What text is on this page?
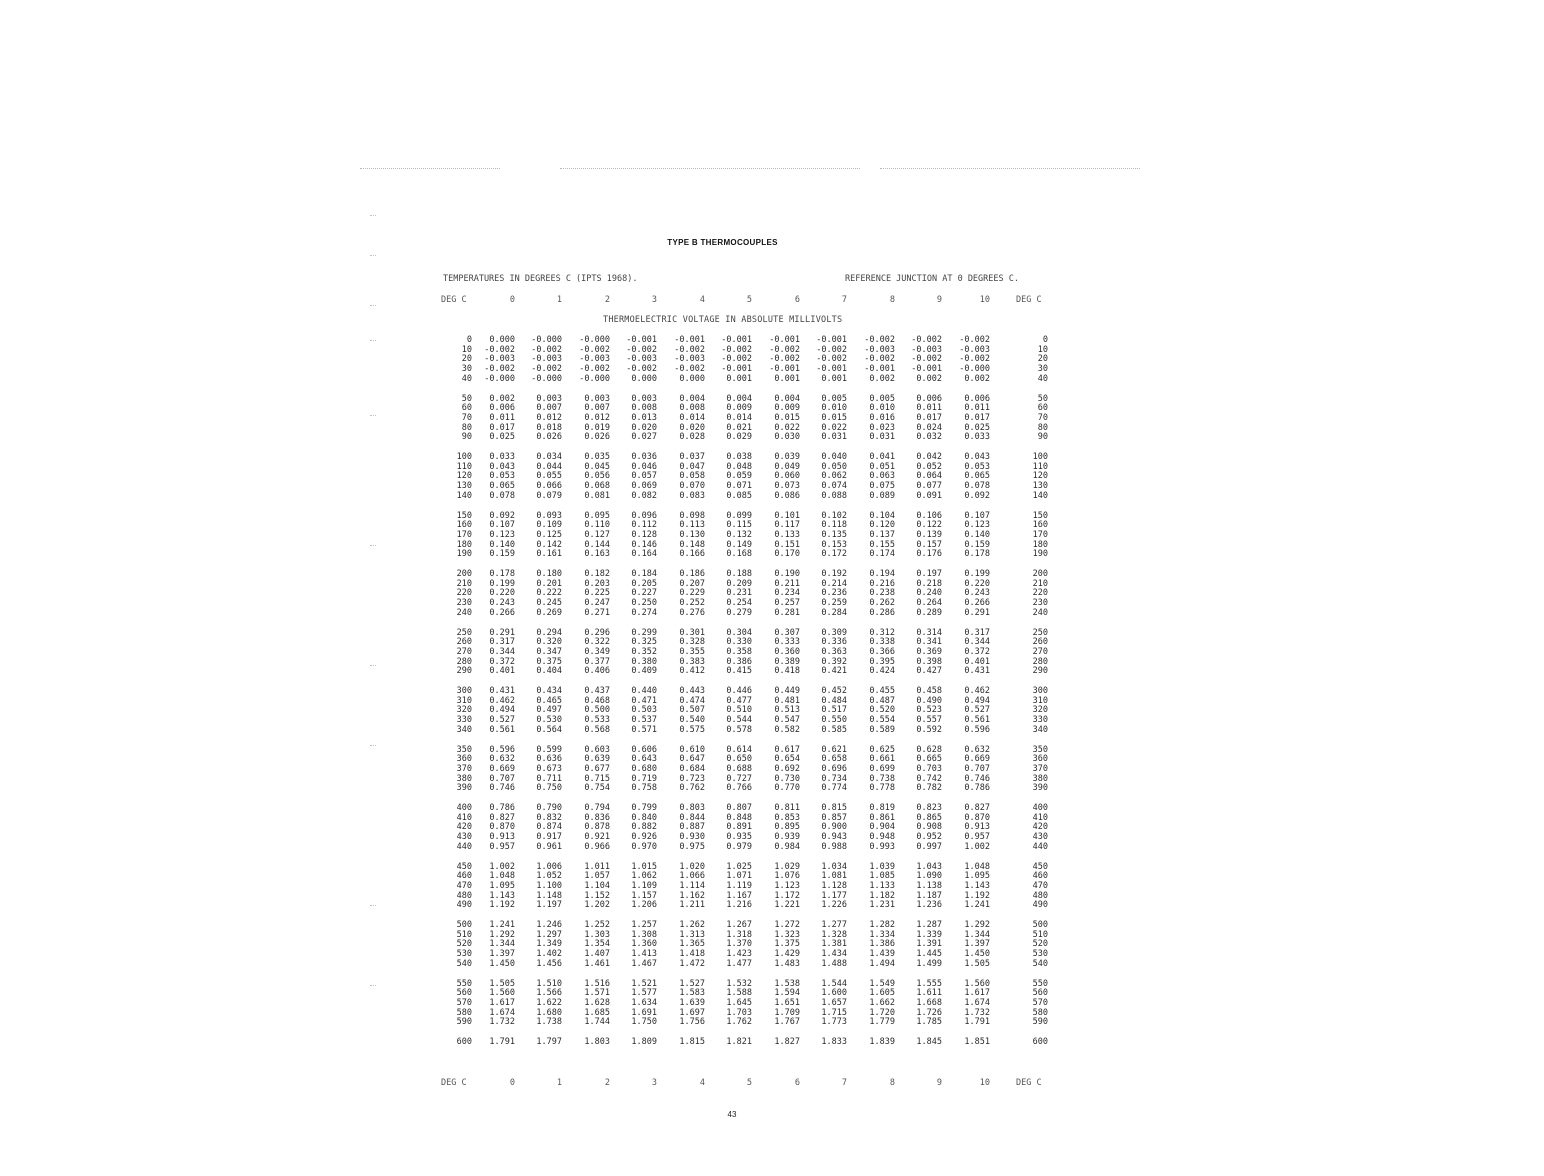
TYPE B THERMOCOUPLES
TEMPERATURES IN DEGREES C (IPTS 1968).	REFERENCE JUNCTION AT 0 DEGREES C.
DEG C	0	1	2	3	4	5	6	7	8	9	10	DEG C
THERMOELECTRIC VOLTAGE IN ABSOLUTE MILLIVOLTS
0	0.000	-0.000	-0.000	-0.001	-0.001	-0.001	-0.001	-0.001	-0.002	-0.002	-0.002	0
10	-0.002	-0.002	-0.002	-0.002	-0.002	-0.002	-0.002	-0.002	-0.003	-0.003	-0.003	10
20	-0.003	-0.003	-0.003	-0.003	-0.003	-0.002	-0.002	-0.002	-0.002	-0.002	-0.002	20
30	-0.002	-0.002	-0.002	-0.002	-0.002	-0.001	-0.001	-0.001	-0.001	-0.001	-0.000	30
40	-0.000	-0.000	-0.000	0.000	0.000	0.001	0.001	0.001	0.002	0.002	0.002	40
50	0.002	0.003	0.003	0.003	0.004	0.004	0.004	0.005	0.005	0.006	0.006	50
60	0.006	0.007	0.007	0.008	0.008	0.009	0.009	0.010	0.010	0.011	0.011	60
70	0.011	0.012	0.012	0.013	0.014	0.014	0.015	0.015	0.016	0.017	0.017	70
80	0.017	0.018	0.019	0.020	0.020	0.021	0.022	0.022	0.023	0.024	0.025	80
90	0.025	0.026	0.026	0.027	0.028	0.029	0.030	0.031	0.031	0.032	0.033	90
100	0.033	0.034	0.035	0.036	0.037	0.038	0.039	0.040	0.041	0.042	0.043	100
110	0.043	0.044	0.045	0.046	0.047	0.048	0.049	0.050	0.051	0.052	0.053	110
120	0.053	0.055	0.056	0.057	0.058	0.059	0.060	0.062	0.063	0.064	0.065	120
130	0.065	0.066	0.068	0.069	0.070	0.071	0.073	0.074	0.075	0.077	0.078	130
140	0.078	0.079	0.081	0.082	0.083	0.085	0.086	0.088	0.089	0.091	0.092	140
150	0.092	0.093	0.095	0.096	0.098	0.099	0.101	0.102	0.104	0.106	0.107	150
160	0.107	0.109	0.110	0.112	0.113	0.115	0.117	0.118	0.120	0.122	0.123	160
170	0.123	0.125	0.127	0.128	0.130	0.132	0.133	0.135	0.137	0.139	0.140	170
180	0.140	0.142	0.144	0.146	0.148	0.149	0.151	0.153	0.155	0.157	0.159	180
190	0.159	0.161	0.163	0.164	0.166	0.168	0.170	0.172	0.174	0.176	0.178	190
200	0.178	0.180	0.182	0.184	0.186	0.188	0.190	0.192	0.194	0.197	0.199	200
210	0.199	0.201	0.203	0.205	0.207	0.209	0.211	0.214	0.216	0.218	0.220	210
220	0.220	0.222	0.225	0.227	0.229	0.231	0.234	0.236	0.238	0.240	0.243	220
230	0.243	0.245	0.247	0.250	0.252	0.254	0.257	0.259	0.262	0.264	0.266	230
240	0.266	0.269	0.271	0.274	0.276	0.279	0.281	0.284	0.286	0.289	0.291	240
250	0.291	0.294	0.296	0.299	0.301	0.304	0.307	0.309	0.312	0.314	0.317	250
260	0.317	0.320	0.322	0.325	0.328	0.330	0.333	0.336	0.338	0.341	0.344	260
270	0.344	0.347	0.349	0.352	0.355	0.358	0.360	0.363	0.366	0.369	0.372	270
280	0.372	0.375	0.377	0.380	0.383	0.386	0.389	0.392	0.395	0.398	0.401	280
290	0.401	0.404	0.406	0.409	0.412	0.415	0.418	0.421	0.424	0.427	0.431	290
300	0.431	0.434	0.437	0.440	0.443	0.446	0.449	0.452	0.455	0.458	0.462	300
310	0.462	0.465	0.468	0.471	0.474	0.477	0.481	0.484	0.487	0.490	0.494	310
320	0.494	0.497	0.500	0.503	0.507	0.510	0.513	0.517	0.520	0.523	0.527	320
330	0.527	0.530	0.533	0.537	0.540	0.544	0.547	0.550	0.554	0.557	0.561	330
340	0.561	0.564	0.568	0.571	0.575	0.578	0.582	0.585	0.589	0.592	0.596	340
350	0.596	0.599	0.603	0.606	0.610	0.614	0.617	0.621	0.625	0.628	0.632	350
360	0.632	0.636	0.639	0.643	0.647	0.650	0.654	0.658	0.661	0.665	0.669	360
370	0.669	0.673	0.677	0.680	0.684	0.688	0.692	0.696	0.699	0.703	0.707	370
380	0.707	0.711	0.715	0.719	0.723	0.727	0.730	0.734	0.738	0.742	0.746	380
390	0.746	0.750	0.754	0.758	0.762	0.766	0.770	0.774	0.778	0.782	0.786	390
400	0.786	0.790	0.794	0.799	0.803	0.807	0.811	0.815	0.819	0.823	0.827	400
410	0.827	0.832	0.836	0.840	0.844	0.848	0.853	0.857	0.861	0.865	0.870	410
420	0.870	0.874	0.878	0.882	0.887	0.891	0.895	0.900	0.904	0.908	0.913	420
430	0.913	0.917	0.921	0.926	0.930	0.935	0.939	0.943	0.948	0.952	0.957	430
440	0.957	0.961	0.966	0.970	0.975	0.979	0.984	0.988	0.993	0.997	1.002	440
450	1.002	1.006	1.011	1.015	1.020	1.025	1.029	1.034	1.039	1.043	1.048	450
460	1.048	1.052	1.057	1.062	1.066	1.071	1.076	1.081	1.085	1.090	1.095	460
470	1.095	1.100	1.104	1.109	1.114	1.119	1.123	1.128	1.133	1.138	1.143	470
480	1.143	1.148	1.152	1.157	1.162	1.167	1.172	1.177	1.182	1.187	1.192	480
490	1.192	1.197	1.202	1.206	1.211	1.216	1.221	1.226	1.231	1.236	1.241	490
500	1.241	1.246	1.252	1.257	1.262	1.267	1.272	1.277	1.282	1.287	1.292	500
510	1.292	1.297	1.303	1.308	1.313	1.318	1.323	1.328	1.334	1.339	1.344	510
520	1.344	1.349	1.354	1.360	1.365	1.370	1.375	1.381	1.386	1.391	1.397	520
530	1.397	1.402	1.407	1.413	1.418	1.423	1.429	1.434	1.439	1.445	1.450	530
540	1.450	1.456	1.461	1.467	1.472	1.477	1.483	1.488	1.494	1.499	1.505	540
550	1.505	1.510	1.516	1.521	1.527	1.532	1.538	1.544	1.549	1.555	1.560	550
560	1.560	1.566	1.571	1.577	1.583	1.588	1.594	1.600	1.605	1.611	1.617	560
570	1.617	1.622	1.628	1.634	1.639	1.645	1.651	1.657	1.662	1.668	1.674	570
580	1.674	1.680	1.685	1.691	1.697	1.703	1.709	1.715	1.720	1.726	1.732	580
590	1.732	1.738	1.744	1.750	1.756	1.762	1.767	1.773	1.779	1.785	1.791	590
600	1.791	1.797	1.803	1.809	1.815	1.821	1.827	1.833	1.839	1.845	1.851	600
DEG C	0	1	2	3	4	5	6	7	8	9	10	DEG C
43
